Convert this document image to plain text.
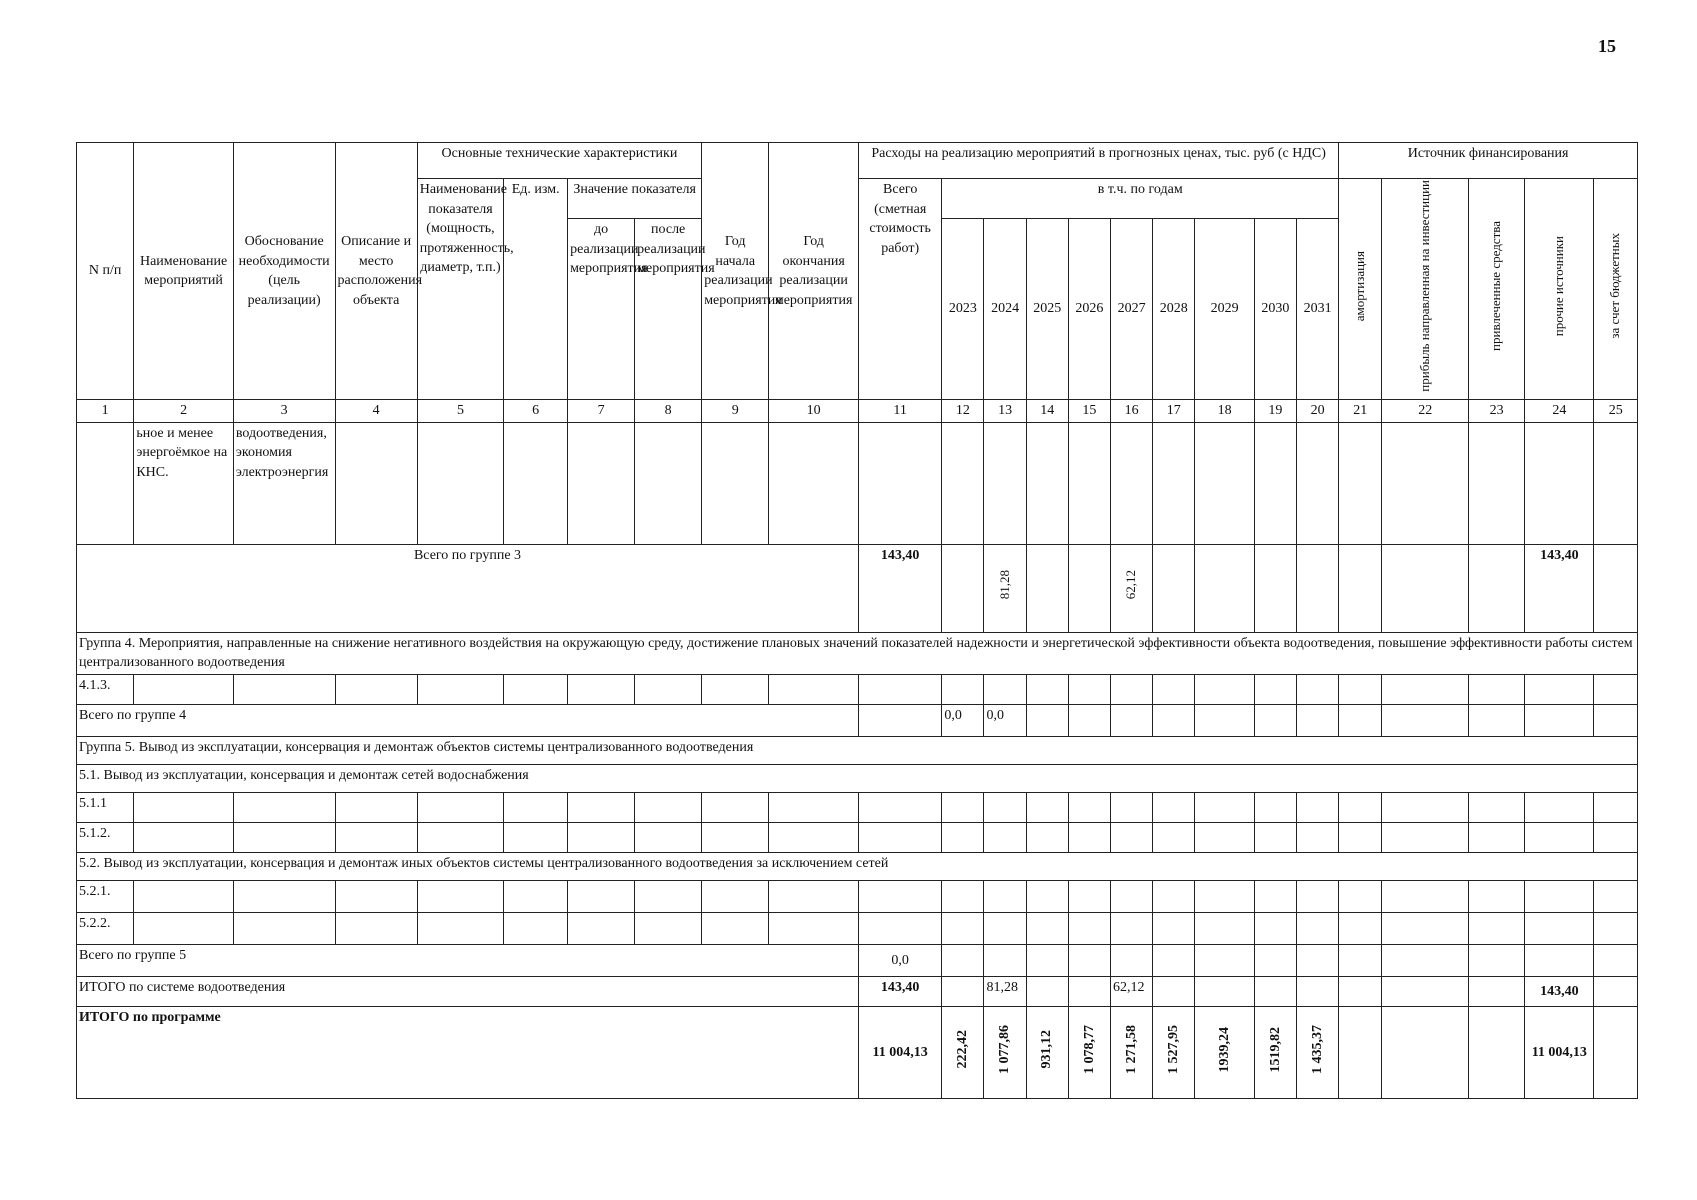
15
N п/п	Наименование мероприятий	Обоснование необходимости (цель реализации)	Описание и место расположения объекта	Основные технические характеристики				Год начала реализации мероприятия	Год окончания реализации мероприятия	Расходы на реализацию мероприятий в прогнозных ценах, тыс. руб (с НДС)										Источник финансирования				
				Наименование показателя (мощность, протяженность, диаметр, т.п.)	Ед. изм.	Значение показателя				Всего (сметная стоимость работ)	в т.ч. по годам									амортизация	прибыль направленная на инвестиции	привлеченные средства	прочие источники	за счет бюджетных
						до реализации мероприятия	после реализации мероприятия				2023	2024	2025	2026	2027	2028	2029	2030	2031					

1	2	3	4	5	6	7	8	9	10	11	12	13	14	15	16	17	18	19	20	21	22	23	24	25
	ьное и менее энергоёмкое на КНС.	водоотведения, экономия электроэнергия																						
Всего по группе 3										143,40		81,28			62,12								143,40	
Группа 4. Мероприятия, направленные на снижение негативного воздействия на окружающую среду, достижение плановых значений показателей надежности и энергетической эффективности объекта водоотведения, повышение эффективности работы систем централизованного водоотведения																								
4.1.3.																								
Всего по группе 4											0,0	0,0												
Группа 5. Вывод из эксплуатации, консервация и демонтаж объектов системы централизованного водоотведения																								
5.1. Вывод из эксплуатации, консервация и демонтаж сетей водоснабжения																								
5.1.1																								
5.1.2.																								
5.2. Вывод из эксплуатации, консервация и демонтаж иных объектов системы централизованного водоотведения за исключением сетей																								
5.2.1.																								
5.2.2.																								
Всего по группе 5										0,0														
ИТОГО по системе водоотведения										143,40		81,28			62,12								143,40	
ИТОГО по программе										11 004,13	222,42	1 077,86	931,12	1 078,77	1 271,58	1 527,95	1939,24	1519,82	1 435,37				11 004,13	
